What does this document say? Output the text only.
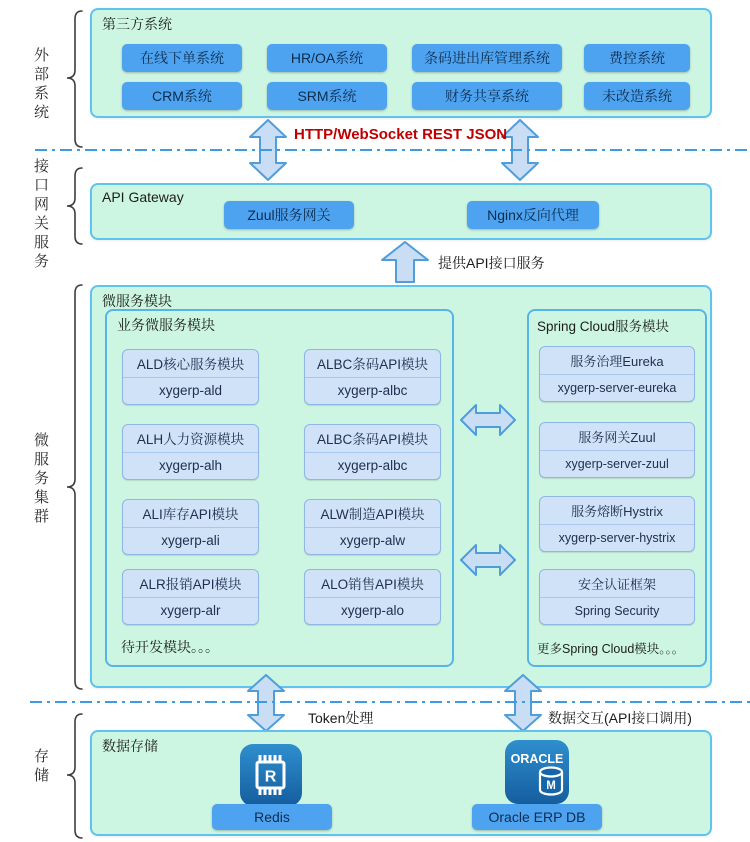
外部系统
接口网关服务
微服务集群
存储
第三方系统
在线下单系统	HR/OA系统	条码进出库管理系统	费控系统
CRM系统	SRM系统	财务共享系统	未改造系统
HTTP/WebSocket REST JSON
API Gateway
Zuul服务网关	Nginx反向代理
提供API接口服务
微服务模块
业务微服务模块
ALD核心服务模块
xygerp-ald
ALBC条码API模块
xygerp-albc
ALH人力资源模块
xygerp-alh
ALBC条码API模块
xygerp-albc
ALI库存API模块
xygerp-ali
ALW制造API模块
xygerp-alw
ALR报销API模块
xygerp-alr
ALO销售API模块
xygerp-alo
待开发模块。。。
Spring Cloud服务模块
服务治理Eureka
xygerp-server-eureka
服务网关Zuul
xygerp-server-zuul
服务熔断Hystrix
xygerp-server-hystrix
安全认证框架
Spring Security
更多Spring Cloud模块。。。
Token处理	数据交互(API接口调用)
数据存储
R
Redis
ORACLE
M
Oracle ERP DB
